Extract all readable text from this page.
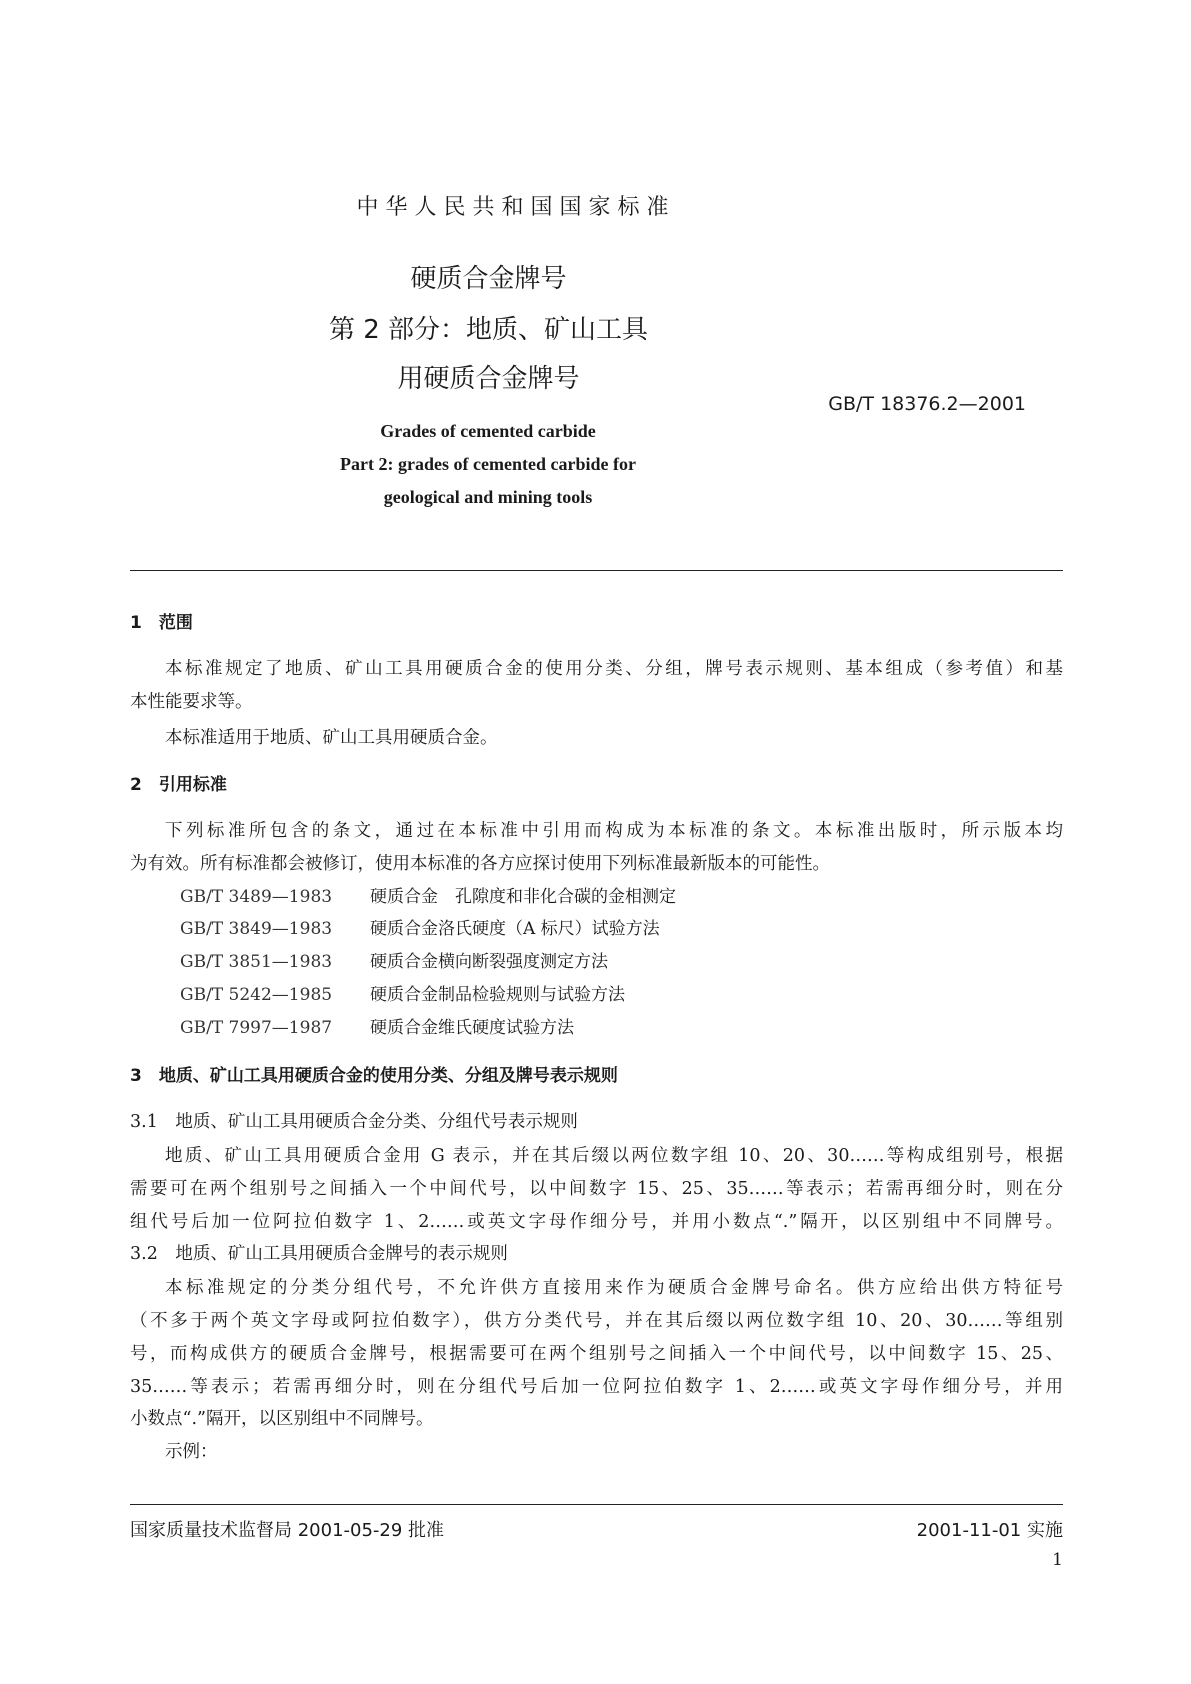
中 华 人 民 共 和 国 国 家 标 准
硬质合金牌号
第 2 部分：地质、矿山工具
用硬质合金牌号
GB/T 18376.2—2001
Grades of cemented carbide
Part 2: grades of cemented carbide for
geological and mining tools
1　范围
本标准规定了地质、矿山工具用硬质合金的使用分类、分组，牌号表示规则、基本组成（参考值）和基
本性能要求等。
本标准适用于地质、矿山工具用硬质合金。
2　引用标准
下列标准所包含的条文，通过在本标准中引用而构成为本标准的条文。本标准出版时，所示版本均
为有效。所有标准都会被修订，使用本标准的各方应探讨使用下列标准最新版本的可能性。
GB/T 3489—1983 硬质合金　孔隙度和非化合碳的金相测定
GB/T 3849—1983 硬质合金洛氏硬度（A 标尺）试验方法
GB/T 3851—1983 硬质合金横向断裂强度测定方法
GB/T 5242—1985 硬质合金制品检验规则与试验方法
GB/T 7997—1987 硬质合金维氏硬度试验方法
3　地质、矿山工具用硬质合金的使用分类、分组及牌号表示规则
3.1　地质、矿山工具用硬质合金分类、分组代号表示规则
地质、矿山工具用硬质合金用 G 表示，并在其后缀以两位数字组 10、20、30……等构成组别号，根据
需要可在两个组别号之间插入一个中间代号，以中间数字 15、25、35……等表示；若需再细分时，则在分
组代号后加一位阿拉伯数字 1、2……或英文字母作细分号，并用小数点“.”隔开，以区别组中不同牌号。
3.2　地质、矿山工具用硬质合金牌号的表示规则
本标准规定的分类分组代号，不允许供方直接用来作为硬质合金牌号命名。供方应给出供方特征号
（不多于两个英文字母或阿拉伯数字），供方分类代号，并在其后缀以两位数字组 10、20、30……等组别
号，而构成供方的硬质合金牌号，根据需要可在两个组别号之间插入一个中间代号，以中间数字 15、25、
35……等表示；若需再细分时，则在分组代号后加一位阿拉伯数字 1、2……或英文字母作细分号，并用
小数点“.”隔开，以区别组中不同牌号。
示例：
国家质量技术监督局 2001-05-29 批准	2001-11-01 实施
1
